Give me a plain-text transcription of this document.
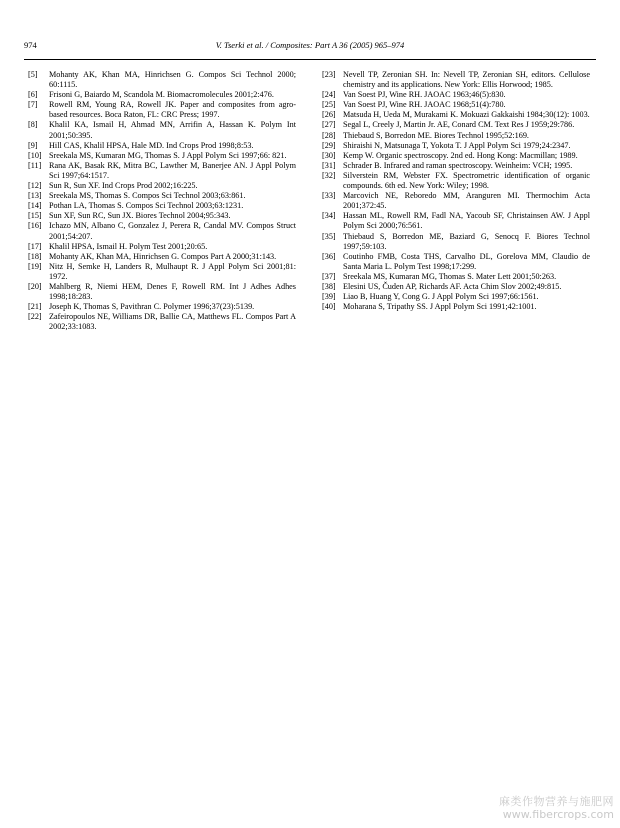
974	V. Tserki et al. / Composites: Part A 36 (2005) 965–974

[5] Mohanty AK, Khan MA, Hinrichsen G. Compos Sci Technol 2000; 60:1115.

[6] Frisoni G, Baiardo M, Scandola M. Biomacromolecules 2001;2:476.

[7] Rowell RM, Young RA, Rowell JK. Paper and composites from agro-based resources. Boca Raton, FL: CRC Press; 1997.

[8] Khalil KA, Ismail H, Ahmad MN, Arrifin A, Hassan K. Polym Int 2001;50:395.

[9] Hill CAS, Khalil HPSA, Hale MD. Ind Crops Prod 1998;8:53.

[10] Sreekala MS, Kumaran MG, Thomas S. J Appl Polym Sci 1997;66: 821.

[11] Rana AK, Basak RK, Mitra BC, Lawther M, Banerjee AN. J Appl Polym Sci 1997;64:1517.

[12] Sun R, Sun XF. Ind Crops Prod 2002;16:225.

[13] Sreekala MS, Thomas S. Compos Sci Technol 2003;63:861.

[14] Pothan LA, Thomas S. Compos Sci Technol 2003;63:1231.

[15] Sun XF, Sun RC, Sun JX. Biores Technol 2004;95:343.

[16] Ichazo MN, Albano C, Gonzalez J, Perera R, Candal MV. Compos Struct 2001;54:207.

[17] Khalil HPSA, Ismail H. Polym Test 2001;20:65.

[18] Mohanty AK, Khan MA, Hinrichsen G. Compos Part A 2000;31:143.

[19] Nitz H, Semke H, Landers R, Mulhaupt R. J Appl Polym Sci 2001;81: 1972.

[20] Mahlberg R, Niemi HEM, Denes F, Rowell RM. Int J Adhes Adhes 1998;18:283.

[21] Joseph K, Thomas S, Pavithran C. Polymer 1996;37(23):5139.

[22] Zafeiropoulos NE, Williams DR, Ballie CA, Matthews FL. Compos Part A 2002;33:1083.

[23] Nevell TP, Zeronian SH. In: Nevell TP, Zeronian SH, editors. Cellulose chemistry and its applications. New York: Ellis Horwood; 1985.

[24] Van Soest PJ, Wine RH. JAOAC 1963;46(5):830.

[25] Van Soest PJ, Wine RH. JAOAC 1968;51(4):780.

[26] Matsuda H, Ueda M, Murakami K. Mokuazi Gakkaishi 1984;30(12): 1003.

[27] Segal L, Creely J, Martin Jr. AE, Conard CM. Text Res J 1959;29:786.

[28] Thiebaud S, Borredon ME. Biores Technol 1995;52:169.

[29] Shiraishi N, Matsunaga T, Yokota T. J Appl Polym Sci 1979;24:2347.

[30] Kemp W. Organic spectroscopy. 2nd ed. Hong Kong: Macmillan; 1989.

[31] Schrader B. Infrared and raman spectroscopy. Weinheim: VCH; 1995.

[32] Silverstein RM, Webster FX. Spectrometric identification of organic compounds. 6th ed. New York: Wiley; 1998.

[33] Marcovich NE, Reboredo MM, Aranguren MI. Thermochim Acta 2001;372:45.

[34] Hassan ML, Rowell RM, Fadl NA, Yacoub SF, Christainsen AW. J Appl Polym Sci 2000;76:561.

[35] Thiebaud S, Borredon ME, Baziard G, Senocq F. Biores Technol 1997;59:103.

[36] Coutinho FMB, Costa THS, Carvalho DL, Gorelova MM, Claudio de Santa Maria L. Polym Test 1998;17:299.

[37] Sreekala MS, Kumaran MG, Thomas S. Mater Lett 2001;50:263.

[38] Elesini US, Čuden AP, Richards AF. Acta Chim Slov 2002;49:815.

[39] Liao B, Huang Y, Cong G. J Appl Polym Sci 1997;66:1561.

[40] Moharana S, Tripathy SS. J Appl Polym Sci 1991;42:1001.

麻类作物营养与施肥网
www.fibercrops.com
